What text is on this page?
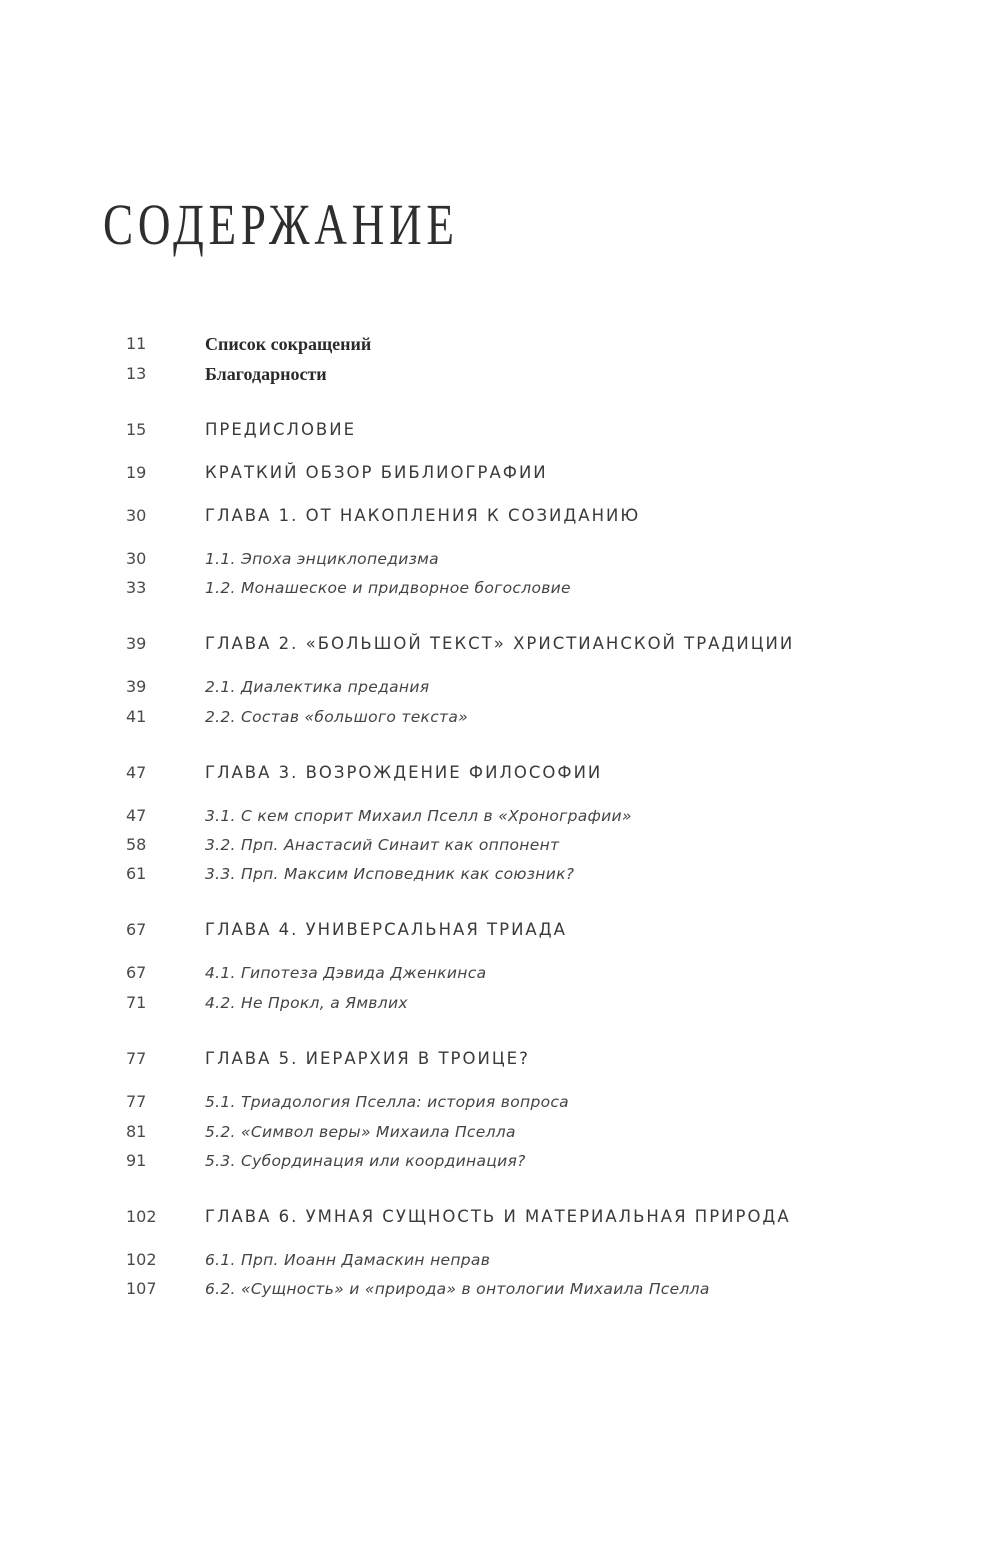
СОДЕРЖАНИЕ
11	Список сокращений
13	Благодарности
15	ПРЕДИСЛОВИЕ
19	КРАТКИЙ ОБЗОР БИБЛИОГРАФИИ
30	ГЛАВА 1. ОТ НАКОПЛЕНИЯ К СОЗИДАНИЮ
30	1.1. Эпоха энциклопедизма
33	1.2. Монашеское и придворное богословие
39	ГЛАВА 2. «БОЛЬШОЙ ТЕКСТ» ХРИСТИАНСКОЙ ТРАДИЦИИ
39	2.1. Диалектика предания
41	2.2. Состав «большого текста»
47	ГЛАВА 3. ВОЗРОЖДЕНИЕ ФИЛОСОФИИ
47	3.1. С кем спорит Михаил Пселл в «Хронографии»
58	3.2. Прп. Анастасий Синаит как оппонент
61	3.3. Прп. Максим Исповедник как союзник?
67	ГЛАВА 4. УНИВЕРСАЛЬНАЯ ТРИАДА
67	4.1. Гипотеза Дэвида Дженкинса
71	4.2. Не Прокл, а Ямвлих
77	ГЛАВА 5. ИЕРАРХИЯ В ТРОИЦЕ?
77	5.1. Триадология Пселла: история вопроса
81	5.2. «Символ веры» Михаила Пселла
91	5.3. Субординация или координация?
102	ГЛАВА 6. УМНАЯ СУЩНОСТЬ И МАТЕРИАЛЬНАЯ ПРИРОДА
102	6.1. Прп. Иоанн Дамаскин неправ
107	6.2. «Сущность» и «природа» в онтологии Михаила Пселла
